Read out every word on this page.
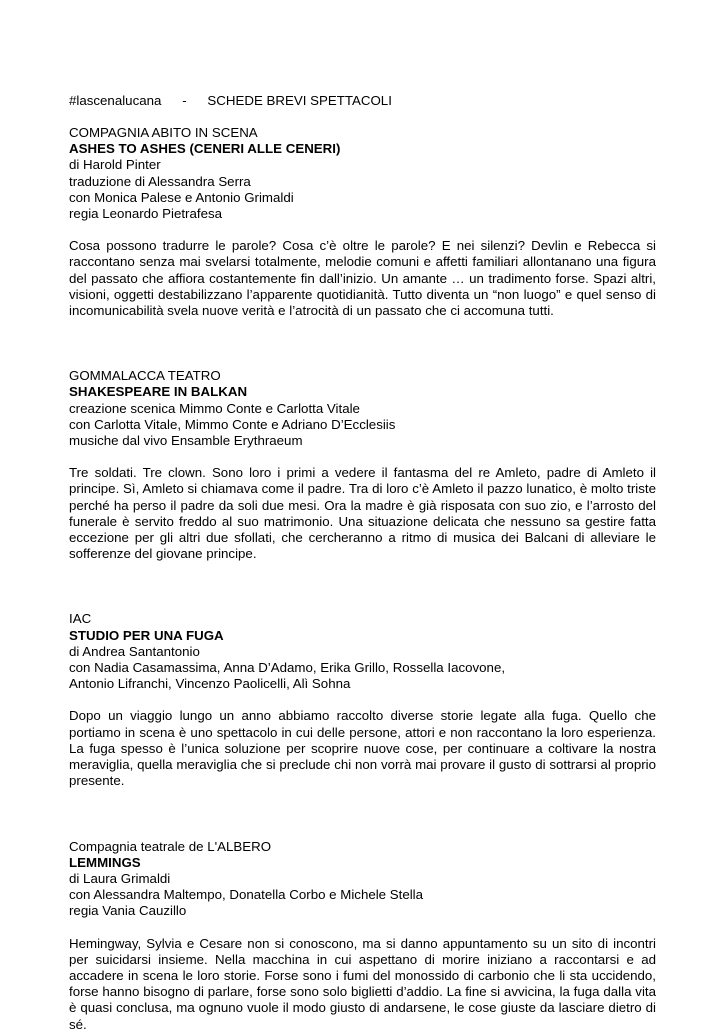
#lascenalucana - SCHEDE BREVI SPETTACOLI
COMPAGNIA ABITO IN SCENA
ASHES TO ASHES (CENERI ALLE CENERI)
di Harold Pinter
traduzione di Alessandra Serra
con Monica Palese e Antonio Grimaldi
regia Leonardo Pietrafesa
Cosa possono tradurre le parole? Cosa c’è oltre le parole? E nei silenzi? Devlin e Rebecca si raccontano senza mai svelarsi totalmente, melodie comuni e affetti familiari allontanano una figura del passato che affiora costantemente fin dall’inizio. Un amante … un tradimento forse. Spazi altri, visioni, oggetti destabilizzano l’apparente quotidianità. Tutto diventa un “non luogo” e quel senso di incomunicabilità svela nuove verità e l’atrocità di un passato che ci accomuna tutti.
GOMMALACCA TEATRO
SHAKESPEARE IN BALKAN
creazione scenica Mimmo Conte e Carlotta Vitale
con Carlotta Vitale, Mimmo Conte e Adriano D’Ecclesiis
musiche dal vivo Ensamble Erythraeum
Tre soldati. Tre clown. Sono loro i primi a vedere il fantasma del re Amleto, padre di Amleto il principe. Sì, Amleto si chiamava come il padre. Tra di loro c’è Amleto il pazzo lunatico, è molto triste perché ha perso il padre da soli due mesi. Ora la madre è già risposata con suo zio, e l’arrosto del funerale è servito freddo al suo matrimonio. Una situazione delicata che nessuno sa gestire fatta eccezione per gli altri due sfollati, che cercheranno a ritmo di musica dei Balcani di alleviare le sofferenze del giovane principe.
IAC
STUDIO PER UNA FUGA
di Andrea Santantonio
con Nadia Casamassima, Anna D’Adamo, Erika Grillo, Rossella Iacovone,
Antonio Lifranchi, Vincenzo Paolicelli, Alì Sohna
Dopo un viaggio lungo un anno abbiamo raccolto diverse storie legate alla fuga. Quello che portiamo in scena è uno spettacolo in cui delle persone, attori e non raccontano la loro esperienza. La fuga spesso è l’unica soluzione per scoprire nuove cose, per continuare a coltivare la nostra meraviglia, quella meraviglia che si preclude chi non vorrà mai provare il gusto di sottrarsi al proprio presente.
Compagnia teatrale de L'ALBERO
LEMMINGS
di Laura Grimaldi
con Alessandra Maltempo, Donatella Corbo e Michele Stella
regia Vania Cauzillo
Hemingway, Sylvia e Cesare non si conoscono, ma si danno appuntamento su un sito di incontri per suicidarsi insieme. Nella macchina in cui aspettano di morire iniziano a raccontarsi e ad accadere in scena le loro storie. Forse sono i fumi del monossido di carbonio che li sta uccidendo, forse hanno bisogno di parlare, forse sono solo biglietti d’addio. La fine si avvicina, la fuga dalla vita è quasi conclusa, ma ognuno vuole il modo giusto di andarsene, le cose giuste da lasciare dietro di sé.
